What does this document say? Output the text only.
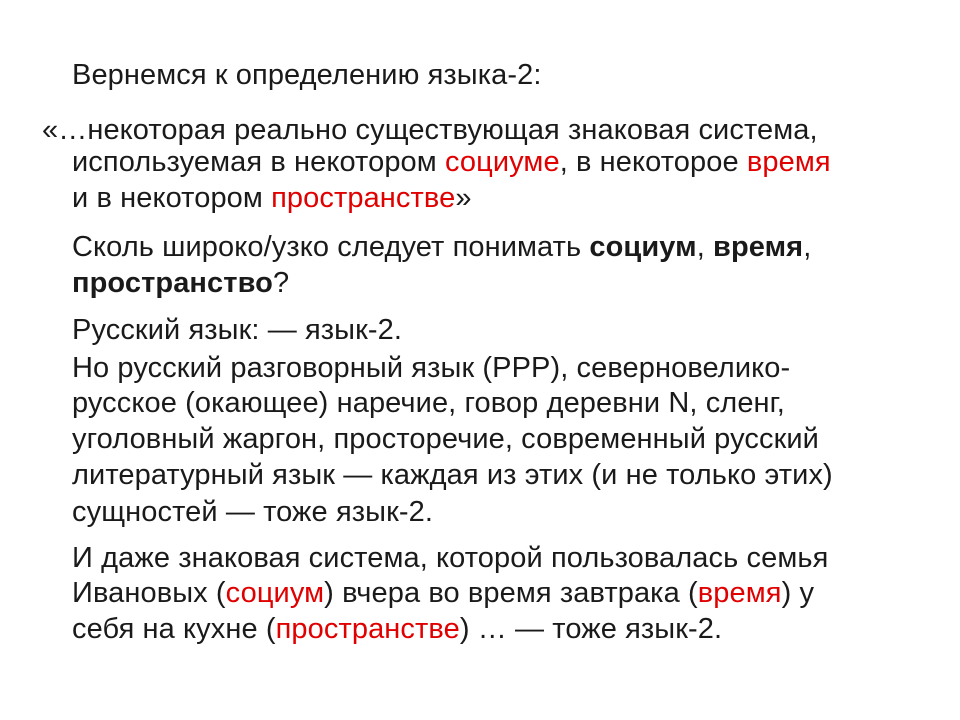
Вернемся к определению языка-2:
«…некоторая реально существующая знаковая система,
используемая в некотором социуме, в некоторое время
и в некотором пространстве»
Сколь широко/узко следует понимать социум, время,
пространство?
Русский язык: — язык-2.
Но русский разговорный язык (РРР), северновелико-
русское (окающее) наречие, говор деревни N, сленг,
уголовный жаргон, просторечие, современный русский
литературный язык — каждая из этих (и не только этих)
сущностей — тоже язык-2.
И даже знаковая система, которой пользовалась семья
Ивановых (социум) вчера во время завтрака (время) у
себя на кухне (пространстве) … — тоже язык-2.
